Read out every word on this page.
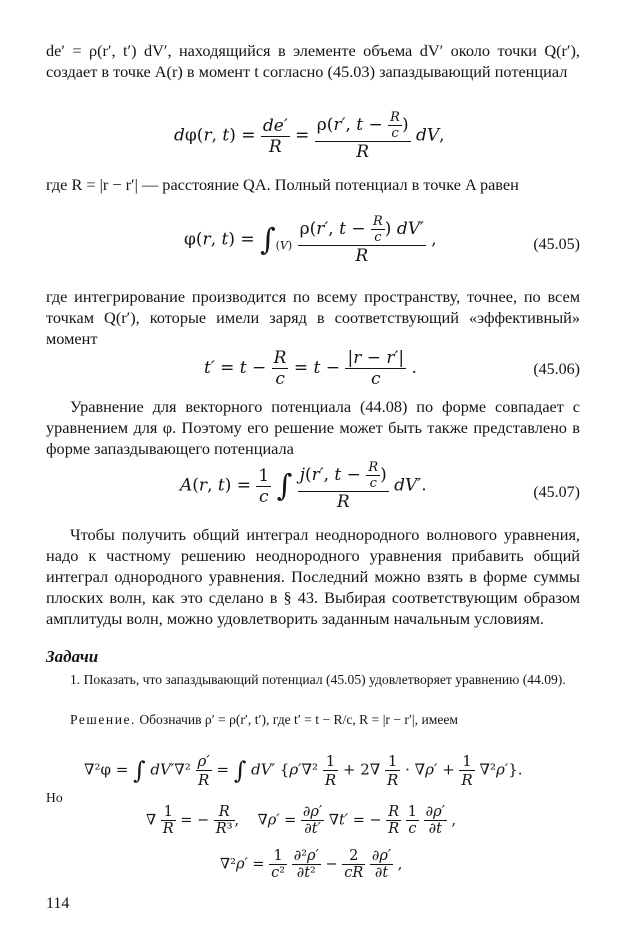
de′ = ρ(r′, t′) dV′, находящийся в элементе объема dV′ около точки Q(r′), создает в точке A(r) в момент t согласно (45.03) запаздывающий потенциал

dφ(r, $t) = \frac{de'}{R} = \frac{\rho(r', t - \frac{R}{c} )}{R}$ dV,

где R = |r − r′| — расстояние QA. Полный потенциал в точке A равен

φ(r, $t) = \int_{(V)} \frac{\rho(r', t - \frac{R}{c} ) dV'}{R}$ ,	(45.05)

где интегрирование производится по всему пространству, точнее, по всем точкам Q(r′), которые имели заряд в соответствующий «эффективный» момент

$t' = t - \frac{R}{c} = t - \frac{|r - r'|}{c}$ .	(45.06)

Уравнение для векторного потенциала (44.08) по форме совпадает с уравнением для φ. Поэтому его решение может быть также представлено в форме запаздывающего потенциала

A(r, $t) = \frac{1}{c}$ ∫ $\frac{j(r', t - \frac{R}{c} )}{R} dV'$.	(45.07)

Чтобы получить общий интеграл неоднородного волнового уравнения, надо к частному решению неоднородного уравнения прибавить общий интеграл однородного уравнения. Последний можно взять в форме суммы плоских волн, как это сделано в § 43. Выбирая соответствующим образом амплитуды волн, можно удовлетворить заданным начальным условиям.

Задачи

1. Показать, что запаздывающий потенциал (45.05) удовлетворяет уравнению (44.09).

Решение. Обозначив ρ′ = ρ(r′, t′), где t′ = t − R/c, R = |r − r′|, имеем

∇²φ = ∫ $dV'\nabla^2 \frac{\rho'}{R}$ = ∫ dV′ $\{\rho'\nabla^2 \frac{1}{R} + 2\nabla \frac{1}{R} \cdot \nabla\rho' + \frac{1}{R} \nabla^2\rho'\}$.
Но
∇ $\frac{1}{R}$ = − $\frac{R}{\text{R³}}$ ,    $\nabla\rho' = \frac{\partial\rho'}{\partial t'} \nabla t'$ = − $\frac{R}{R}$
$\frac{1}{c}$
$\frac{\partial\rho'}{\partial t}$ ,
$\nabla^2\rho' = \frac{1}{\text{c²}}$
$\frac{\text{∂²ρ′}}{\text{∂t²}} - \frac{2}{cR}$
$\frac{\partial\rho'}{\partial t}$ ,
114
